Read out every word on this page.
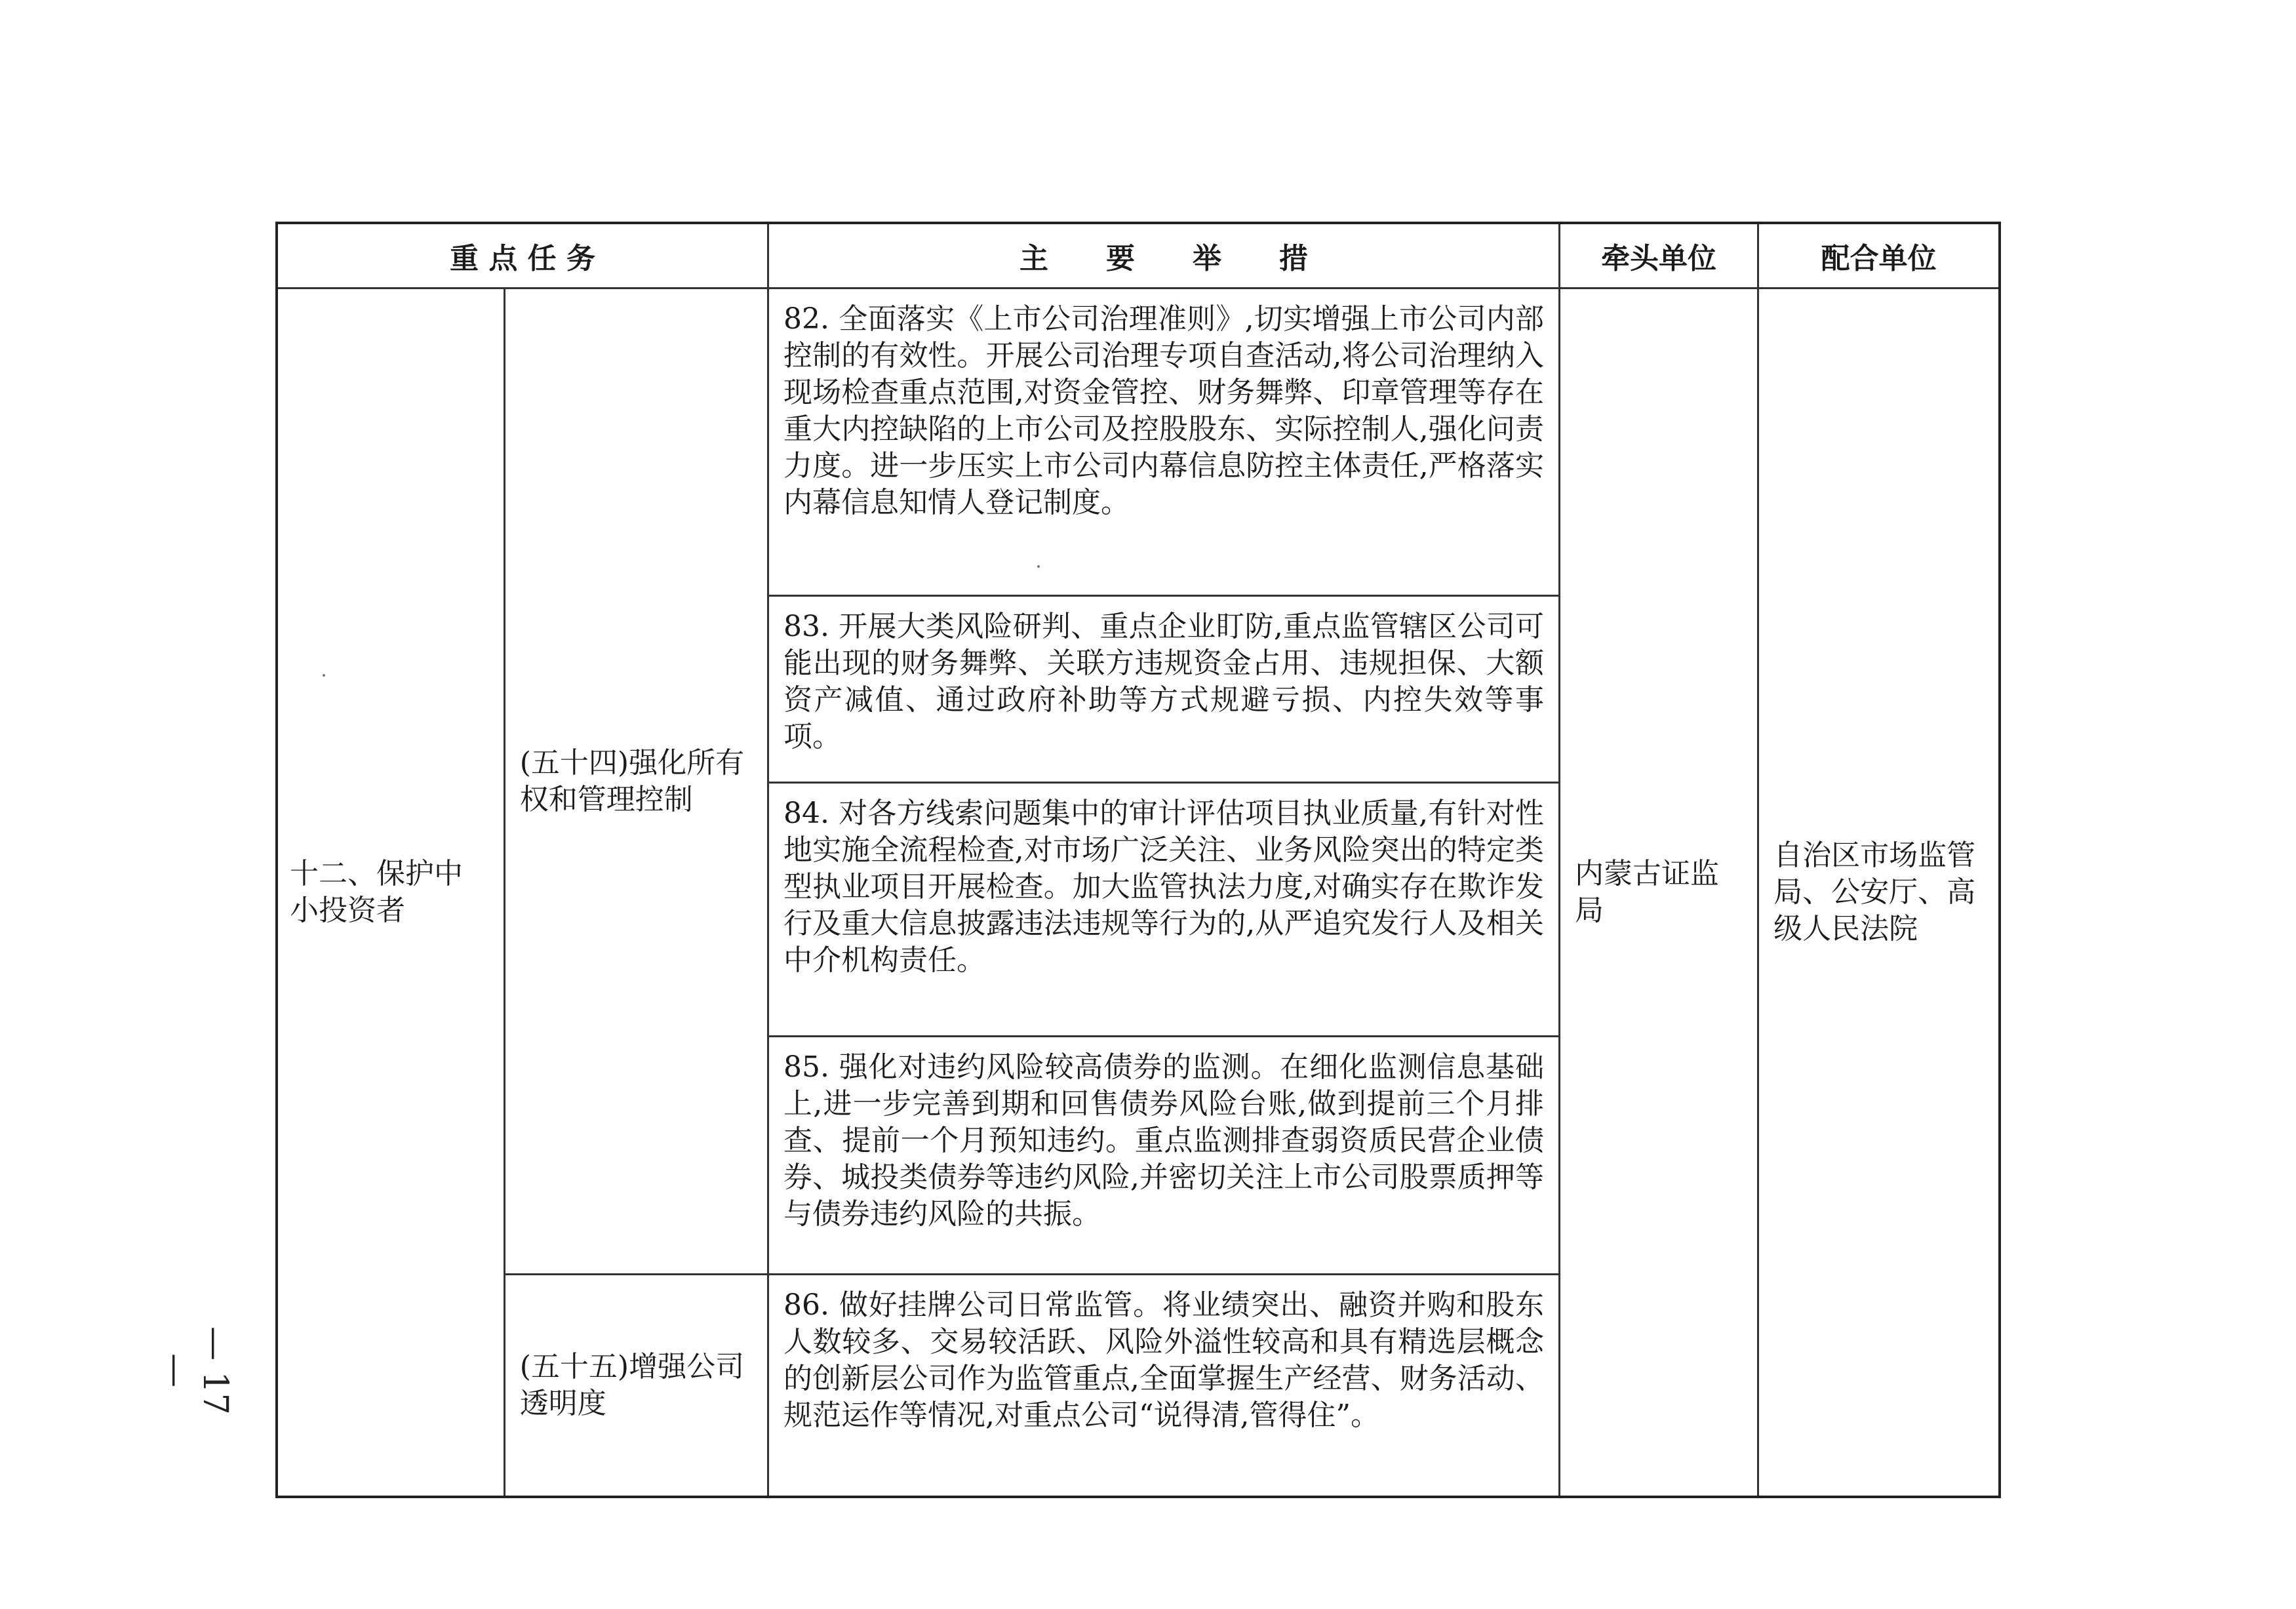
重 点 任 务		主　　要　　举　　措	牵头单位	配合单位
十二、保护中小投资者	(五十四)强化所有权和管理控制	82. 全面落实《上市公司治理准则》,切实增强上市公司内部控制的有效性。开展公司治理专项自查活动,将公司治理纳入现场检查重点范围,对资金管控、财务舞弊、印章管理等存在重大内控缺陷的上市公司及控股股东、实际控制人,强化问责力度。进一步压实上市公司内幕信息防控主体责任,严格落实内幕信息知情人登记制度。	内蒙古证监局	自治区市场监管局、公安厅、高级人民法院
		83. 开展大类风险研判、重点企业盯防,重点监管辖区公司可能出现的财务舞弊、关联方违规资金占用、违规担保、大额资产减值、通过政府补助等方式规避亏损、内控失效等事项。		
		84. 对各方线索问题集中的审计评估项目执业质量,有针对性地实施全流程检查,对市场广泛关注、业务风险突出的特定类型执业项目开展检查。加大监管执法力度,对确实存在欺诈发行及重大信息披露违法违规等行为的,从严追究发行人及相关中介机构责任。		
		85. 强化对违约风险较高债券的监测。在细化监测信息基础上,进一步完善到期和回售债券风险台账,做到提前三个月排查、提前一个月预知违约。重点监测排查弱资质民营企业债券、城投类债券等违约风险,并密切关注上市公司股票质押等与债券违约风险的共振。		
	(五十五)增强公司透明度	86. 做好挂牌公司日常监管。将业绩突出、融资并购和股东人数较多、交易较活跃、风险外溢性较高和具有精选层概念的创新层公司作为监管重点,全面掌握生产经营、财务活动、规范运作等情况,对重点公司“说得清,管得住”。		
— 17 —
